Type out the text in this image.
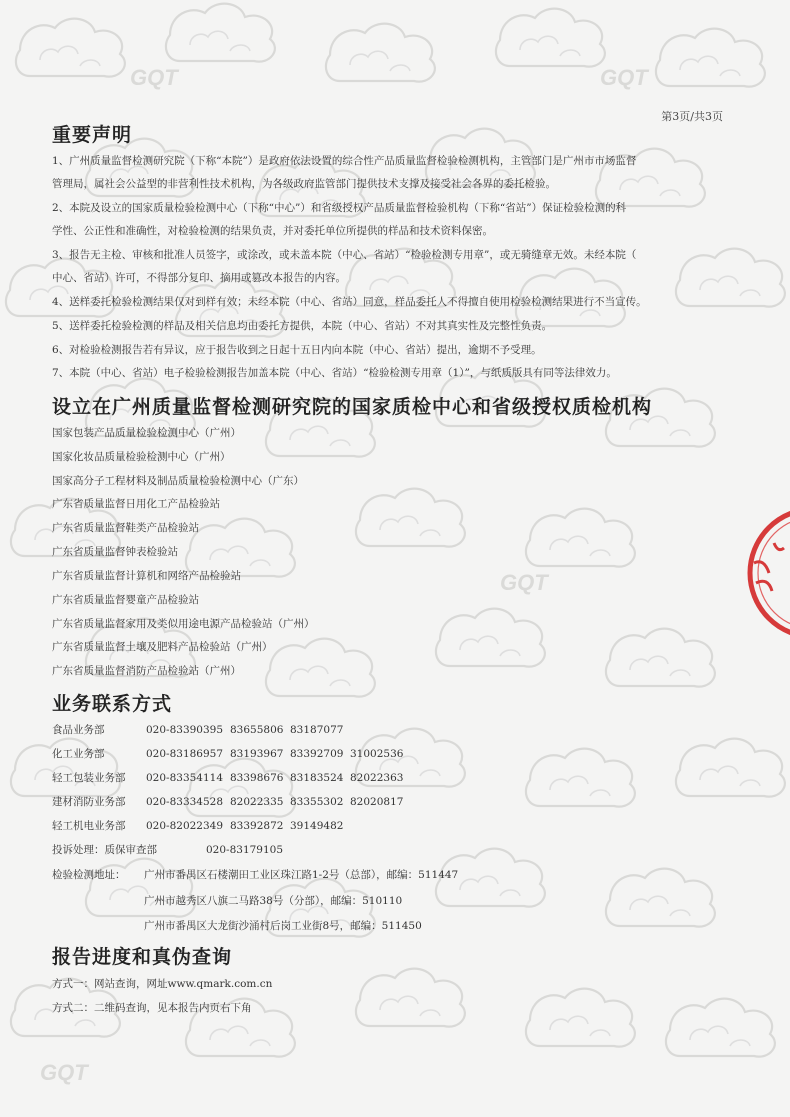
GQT	GQT
GQT
GQT
第3页/共3页
重要声明
1、广州质量监督检测研究院（下称“本院”）是政府依法设置的综合性产品质量监督检验检测机构，主管部门是广州市市场监督
管理局，属社会公益型的非营利性技术机构，为各级政府监管部门提供技术支撑及接受社会各界的委托检验。
2、本院及设立的国家质量检验检测中心（下称“中心”）和省级授权产品质量监督检验机构（下称“省站”）保证检验检测的科
学性、公正性和准确性，对检验检测的结果负责，并对委托单位所提供的样品和技术资料保密。
3、报告无主检、审核和批准人员签字，或涂改，或未盖本院（中心、省站）“检验检测专用章”，或无骑缝章无效。未经本院（
中心、省站）许可，不得部分复印、摘用或篡改本报告的内容。
4、送样委托检验检测结果仅对到样有效；未经本院（中心、省站）同意，样品委托人不得擅自使用检验检测结果进行不当宣传。
5、送样委托检验检测的样品及相关信息均由委托方提供，本院（中心、省站）不对其真实性及完整性负责。
6、对检验检测报告若有异议，应于报告收到之日起十五日内向本院（中心、省站）提出，逾期不予受理。
7、本院（中心、省站）电子检验检测报告加盖本院（中心、省站）“检验检测专用章（1）”，与纸质版具有同等法律效力。
设立在广州质量监督检测研究院的国家质检中心和省级授权质检机构
国家包装产品质量检验检测中心（广州）
国家化妆品质量检验检测中心（广州）
国家高分子工程材料及制品质量检验检测中心（广东）
广东省质量监督日用化工产品检验站
广东省质量监督鞋类产品检验站
广东省质量监督钟表检验站
广东省质量监督计算机和网络产品检验站
广东省质量监督婴童产品检验站
广东省质量监督家用及类似用途电源产品检验站（广州）
广东省质量监督土壤及肥料产品检验站（广州）
广东省质量监督消防产品检验站（广州）
业务联系方式
食品业务部	020-83390395 83655806 83187077
化工业务部	020-83186957 83193967 83392709 31002536
轻工包装业务部 020-83354114 83398676 83183524 82022363
建材消防业务部 020-83334528 82022335 83355302 82020817
轻工机电业务部 020-82022349 83392872 39149482
投诉处理：质保审查部	020-83179105
检验检测地址： 广州市番禺区石楼潮田工业区珠江路1-2号（总部），邮编：511447
广州市越秀区八旗二马路38号（分部），邮编：510110
广州市番禺区大龙街沙涌村后岗工业街8号，邮编：511450
报告进度和真伪查询
方式一：网站查询，网址www.qmark.com.cn
方式二：二维码查询，见本报告内页右下角
